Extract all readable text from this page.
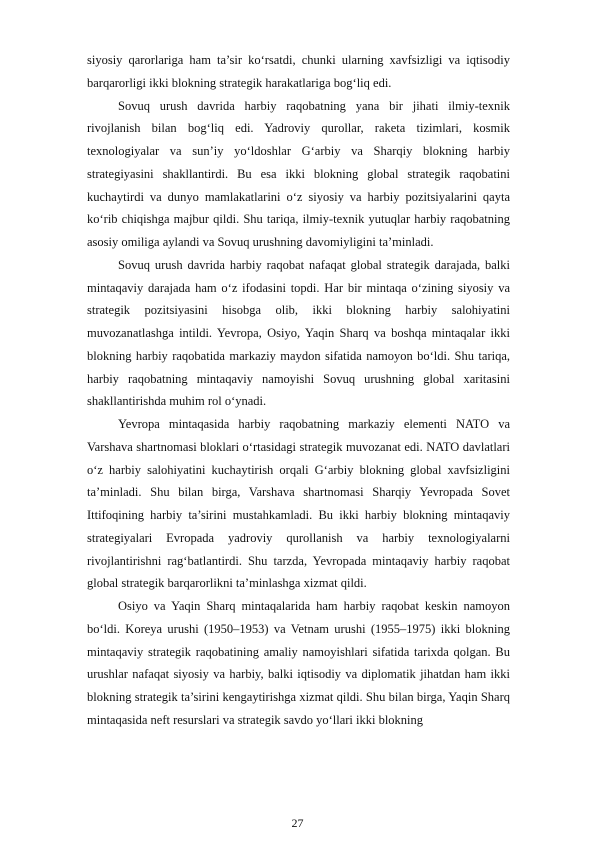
siyosiy qarorlariga ham ta’sir ko‘rsatdi, chunki ularning xavfsizligi va iqtisodiy barqarorligi ikki blokning strategik harakatlariga bog‘liq edi.

Sovuq urush davrida harbiy raqobatning yana bir jihati ilmiy-texnik rivojlanish bilan bog‘liq edi. Yadroviy qurollar, raketa tizimlari, kosmik texnologiyalar va sun’iy yo‘ldoshlar G‘arbiy va Sharqiy blokning harbiy strategiyasini shakllantirdi. Bu esa ikki blokning global strategik raqobatini kuchaytirdi va dunyo mamlakatlarini o‘z siyosiy va harbiy pozitsiyalarini qayta ko‘rib chiqishga majbur qildi. Shu tariqa, ilmiy-texnik yutuqlar harbiy raqobatning asosiy omiliga aylandi va Sovuq urushning davomiyligini ta’minladi.

Sovuq urush davrida harbiy raqobat nafaqat global strategik darajada, balki mintaqaviy darajada ham o‘z ifodasini topdi. Har bir mintaqa o‘zining siyosiy va strategik pozitsiyasini hisobga olib, ikki blokning harbiy salohiyatini muvozanatlashga intildi. Yevropa, Osiyo, Yaqin Sharq va boshqa mintaqalar ikki blokning harbiy raqobatida markaziy maydon sifatida namoyon bo‘ldi. Shu tariqa, harbiy raqobatning mintaqaviy namoyishi Sovuq urushning global xaritasini shakllantirishda muhim rol o‘ynadi.

Yevropa mintaqasida harbiy raqobatning markaziy elementi NATO va Varshava shartnomasi bloklari o‘rtasidagi strategik muvozanat edi. NATO davlatlari o‘z harbiy salohiyatini kuchaytirish orqali G‘arbiy blokning global xavfsizligini ta’minladi. Shu bilan birga, Varshava shartnomasi Sharqiy Yevropada Sovet Ittifoqining harbiy ta’sirini mustahkamladi. Bu ikki harbiy blokning mintaqaviy strategiyalari Evropada yadroviy qurollanish va harbiy texnologiyalarni rivojlantirishni rag‘batlantirdi. Shu tarzda, Yevropada mintaqaviy harbiy raqobat global strategik barqarorlikni ta’minlashga xizmat qildi.

Osiyo va Yaqin Sharq mintaqalarida ham harbiy raqobat keskin namoyon bo‘ldi. Koreya urushi (1950–1953) va Vetnam urushi (1955–1975) ikki blokning mintaqaviy strategik raqobatining amaliy namoyishlari sifatida tarixda qolgan. Bu urushlar nafaqat siyosiy va harbiy, balki iqtisodiy va diplomatik jihatdan ham ikki blokning strategik ta’sirini kengaytirishga xizmat qildi. Shu bilan birga, Yaqin Sharq mintaqasida neft resurslari va strategik savdo yo‘llari ikki blokning

27
